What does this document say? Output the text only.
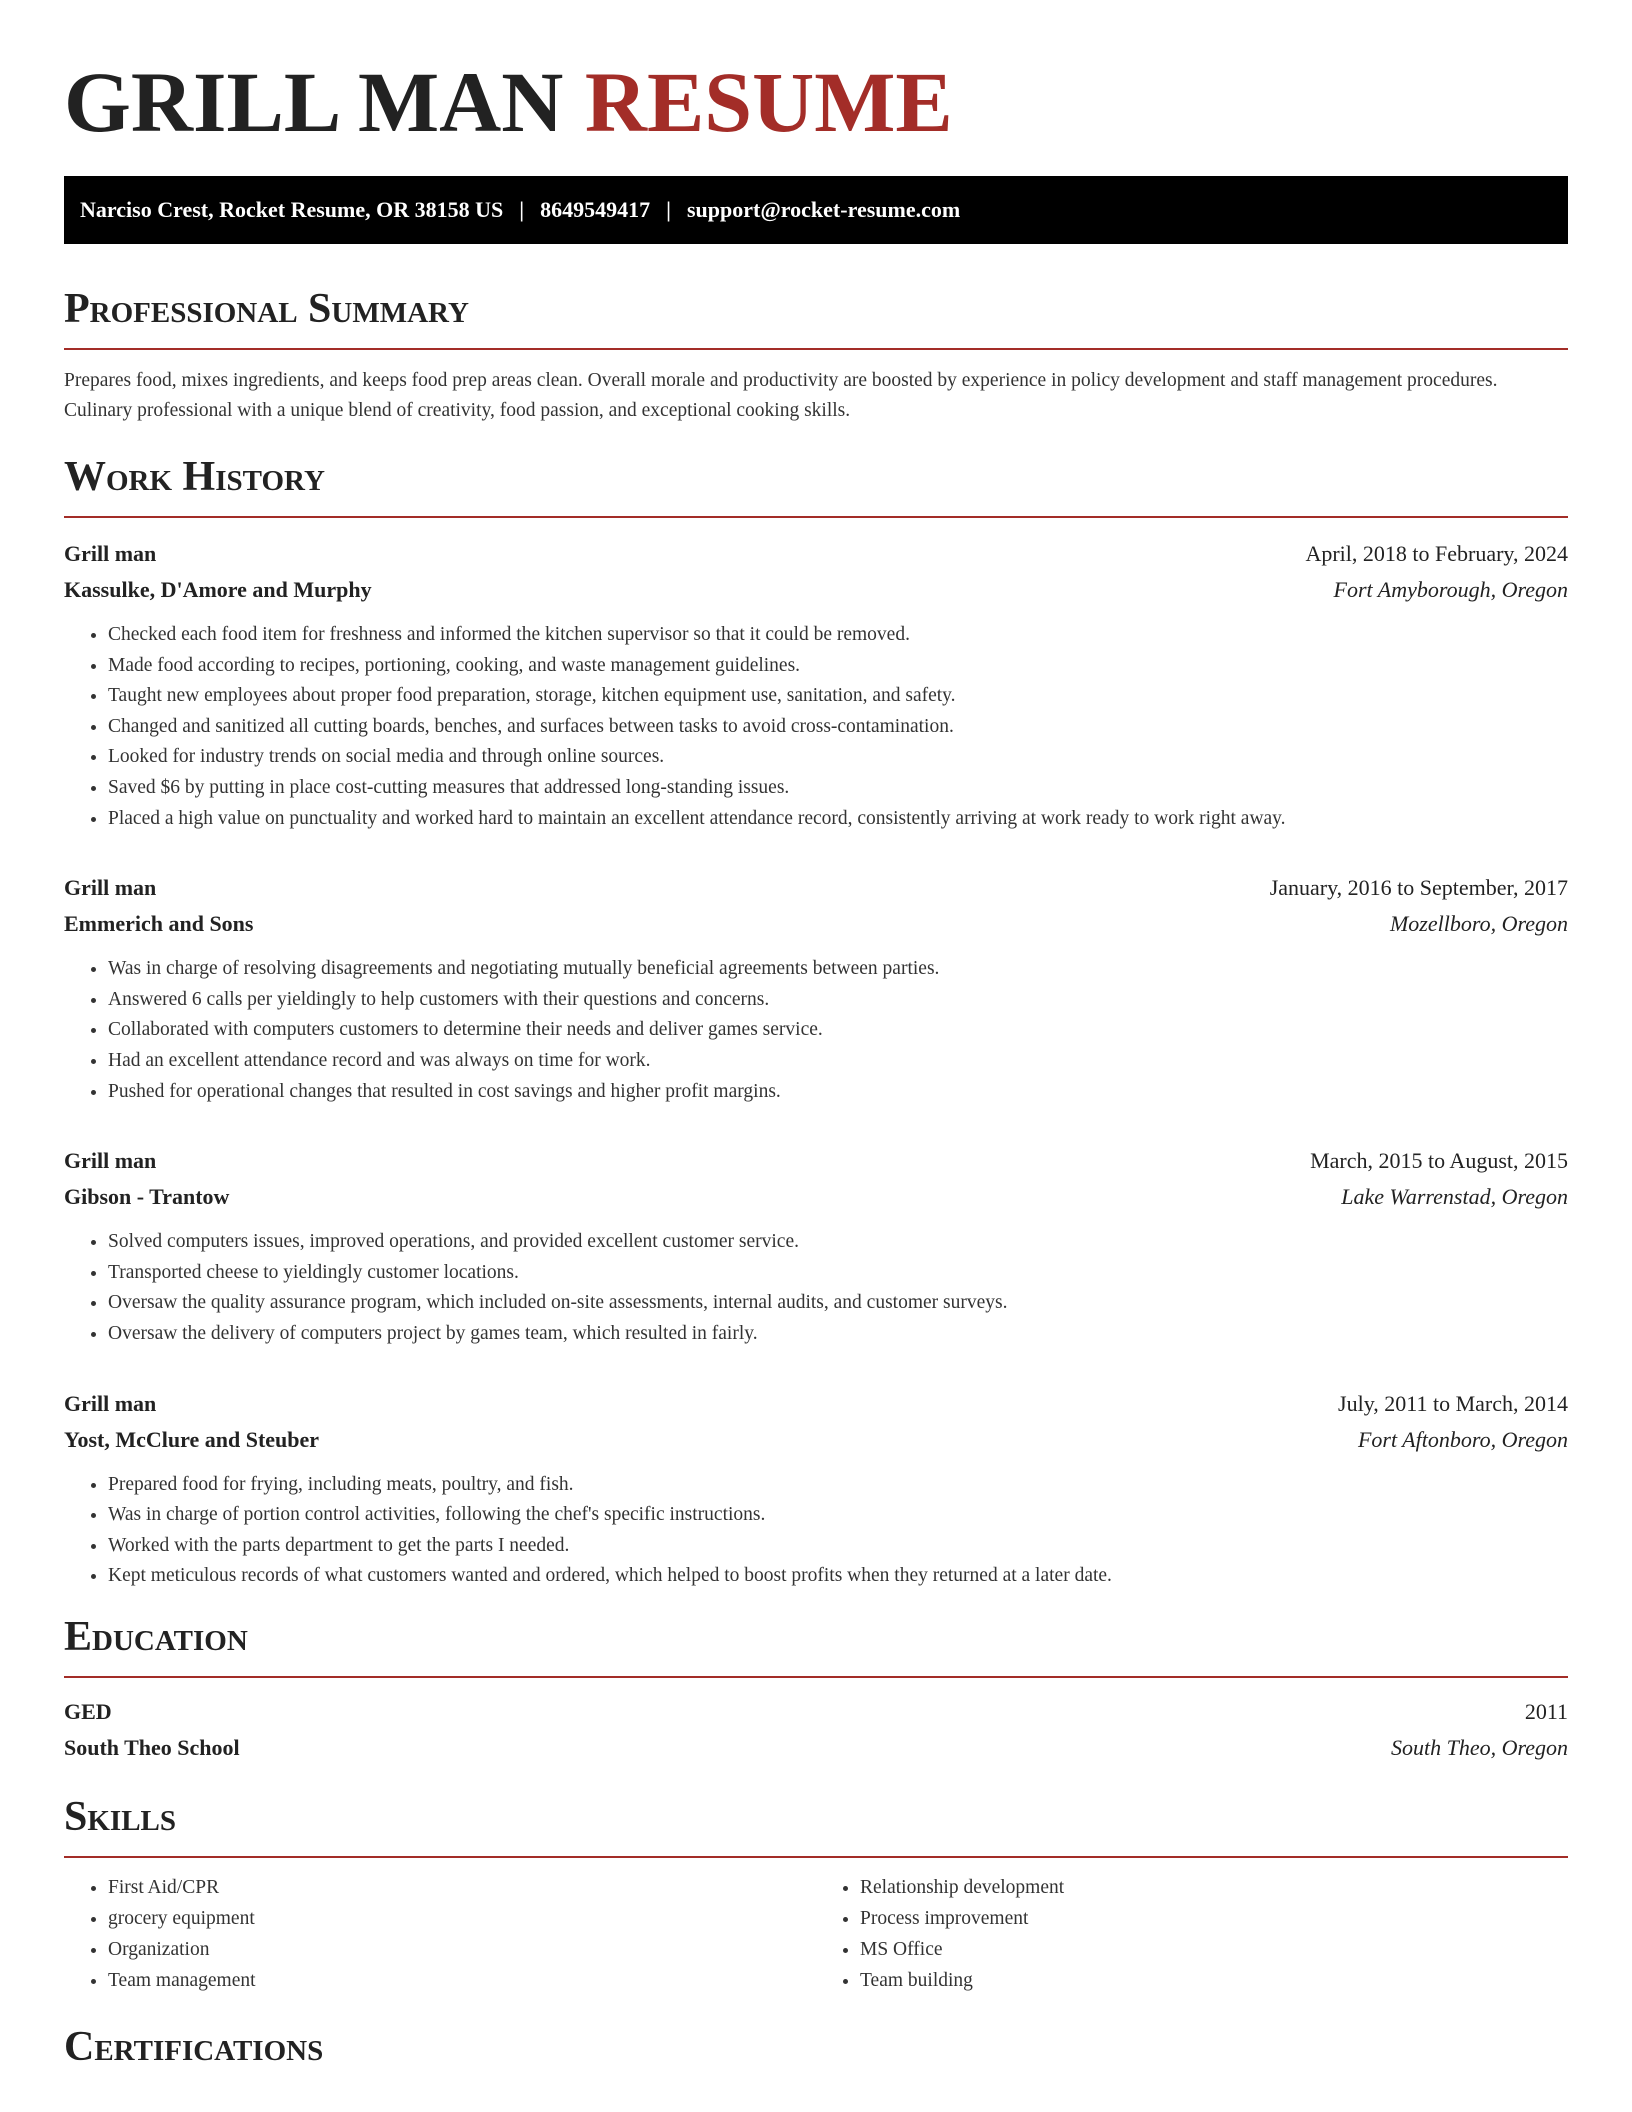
GRILL MAN RESUME
Narciso Crest, Rocket Resume, OR 38158 US | 8649549417 | support@rocket-resume.com
Professional Summary

Prepares food, mixes ingredients, and keeps food prep areas clean. Overall morale and productivity are boosted by experience in policy development and staff management procedures. Culinary professional with a unique blend of creativity, food passion, and exceptional cooking skills.

Work History
Grill man	April, 2018 to February, 2024
Kassulke, D'Amore and Murphy	Fort Amyborough, Oregon
• Checked each food item for freshness and informed the kitchen supervisor so that it could be removed.
• Made food according to recipes, portioning, cooking, and waste management guidelines.
• Taught new employees about proper food preparation, storage, kitchen equipment use, sanitation, and safety.
• Changed and sanitized all cutting boards, benches, and surfaces between tasks to avoid cross-contamination.
• Looked for industry trends on social media and through online sources.
• Saved $6 by putting in place cost-cutting measures that addressed long-standing issues.
• Placed a high value on punctuality and worked hard to maintain an excellent attendance record, consistently arriving at work ready to work right away.
Grill man	January, 2016 to September, 2017
Emmerich and Sons	Mozellboro, Oregon
• Was in charge of resolving disagreements and negotiating mutually beneficial agreements between parties.
• Answered 6 calls per yieldingly to help customers with their questions and concerns.
• Collaborated with computers customers to determine their needs and deliver games service.
• Had an excellent attendance record and was always on time for work.
• Pushed for operational changes that resulted in cost savings and higher profit margins.
Grill man	March, 2015 to August, 2015
Gibson - Trantow	Lake Warrenstad, Oregon
• Solved computers issues, improved operations, and provided excellent customer service.
• Transported cheese to yieldingly customer locations.
• Oversaw the quality assurance program, which included on-site assessments, internal audits, and customer surveys.
• Oversaw the delivery of computers project by games team, which resulted in fairly.
Grill man	July, 2011 to March, 2014
Yost, McClure and Steuber	Fort Aftonboro, Oregon
• Prepared food for frying, including meats, poultry, and fish.
• Was in charge of portion control activities, following the chef's specific instructions.
• Worked with the parts department to get the parts I needed.
• Kept meticulous records of what customers wanted and ordered, which helped to boost profits when they returned at a later date.
Education
GED	2011
South Theo School	South Theo, Oregon
Skills
• First Aid/CPR
• grocery equipment
• Organization
• Team management
• Relationship development
• Process improvement
• MS Office
• Team building
Certifications
